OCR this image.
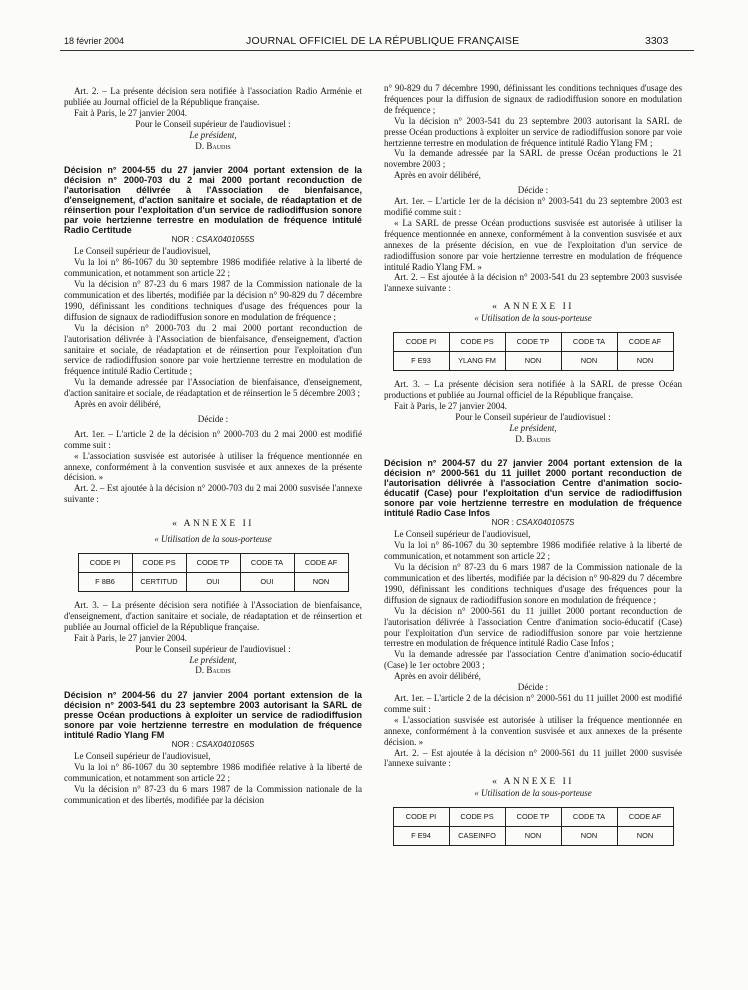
18 février 2004	JOURNAL OFFICIEL DE LA RÉPUBLIQUE FRANÇAISE	3303

Art. 2. – La présente décision sera notifiée à l'association Radio Arménie et publiée au Journal officiel de la République française.

Fait à Paris, le 27 janvier 2004.

Pour le Conseil supérieur de l'audiovisuel :
Le président,
D. Baudis

Décision n° 2004-55 du 27 janvier 2004 portant extension de la décision n° 2000-703 du 2 mai 2000 portant reconduction de l'autorisation délivrée à l'Association de bienfaisance, d'enseignement, d'action sanitaire et sociale, de réadaptation et de réinsertion pour l'exploitation d'un service de radiodiffusion sonore par voie hertzienne terrestre en modulation de fréquence intitulé Radio Certitude

NOR : CSAX0401055S

Le Conseil supérieur de l'audiovisuel,

Vu la loi n° 86-1067 du 30 septembre 1986 modifiée relative à la liberté de communication, et notamment son article 22 ;

Vu la décision n° 87-23 du 6 mars 1987 de la Commission nationale de la communication et des libertés, modifiée par la décision n° 90-829 du 7 décembre 1990, définissant les conditions techniques d'usage des fréquences pour la diffusion de signaux de radiodiffusion sonore en modulation de fréquence ;

Vu la décision n° 2000-703 du 2 mai 2000 portant reconduction de l'autorisation délivrée à l'Association de bienfaisance, d'enseignement, d'action sanitaire et sociale, de réadaptation et de réinsertion pour l'exploitation d'un service de radiodiffusion sonore par voie hertzienne terrestre en modulation de fréquence intitulé Radio Certitude ;

Vu la demande adressée par l'Association de bienfaisance, d'enseignement, d'action sanitaire et sociale, de réadaptation et de réinsertion le 5 décembre 2003 ;

Après en avoir délibéré,

Décide :

Art. 1er. – L'article 2 de la décision n° 2000-703 du 2 mai 2000 est modifié comme suit :

« L'association susvisée est autorisée à utiliser la fréquence mentionnée en annexe, conformément à la convention susvisée et aux annexes de la présente décision. »

Art. 2. – Est ajoutée à la décision n° 2000-703 du 2 mai 2000 susvisée l'annexe suivante :

« ANNEXE II

« Utilisation de la sous-porteuse

CODE PI	CODE PS	CODE TP	CODE TA	CODE AF
F 8B6	CERTITUD	OUI	OUI	NON

Art. 3. – La présente décision sera notifiée à l'Association de bienfaisance, d'enseignement, d'action sanitaire et sociale, de réadaptation et de réinsertion et publiée au Journal officiel de la République française.

Fait à Paris, le 27 janvier 2004.

Pour le Conseil supérieur de l'audiovisuel :
Le président,
D. Baudis

Décision n° 2004-56 du 27 janvier 2004 portant extension de la décision n° 2003-541 du 23 septembre 2003 autorisant la SARL de presse Océan productions à exploiter un service de radiodiffusion sonore par voie hertzienne terrestre en modulation de fréquence intitulé Radio Ylang FM

NOR : CSAX0401056S

Le Conseil supérieur de l'audiovisuel,

Vu la loi n° 86-1067 du 30 septembre 1986 modifiée relative à la liberté de communication, et notamment son article 22 ;

Vu la décision n° 87-23 du 6 mars 1987 de la Commission nationale de la communication et des libertés, modifiée par la décision

n° 90-829 du 7 décembre 1990, définissant les conditions techniques d'usage des fréquences pour la diffusion de signaux de radiodiffusion sonore en modulation de fréquence ;

Vu la décision n° 2003-541 du 23 septembre 2003 autorisant la SARL de presse Océan productions à exploiter un service de radiodiffusion sonore par voie hertzienne terrestre en modulation de fréquence intitulé Radio Ylang FM ;

Vu la demande adressée par la SARL de presse Océan productions le 21 novembre 2003 ;

Après en avoir délibéré,

Décide :

Art. 1er. – L'article 1er de la décision n° 2003-541 du 23 septembre 2003 est modifié comme suit :

« La SARL de presse Océan productions susvisée est autorisée à utiliser la fréquence mentionnée en annexe, conformément à la convention susvisée et aux annexes de la présente décision, en vue de l'exploitation d'un service de radiodiffusion sonore par voie hertzienne terrestre en modulation de fréquence intitulé Radio Ylang FM. »

Art. 2. – Est ajoutée à la décision n° 2003-541 du 23 septembre 2003 susvisée l'annexe suivante :

« ANNEXE II

« Utilisation de la sous-porteuse

CODE PI	CODE PS	CODE TP	CODE TA	CODE AF
F E93	YLANG FM	NON	NON	NON

Art. 3. – La présente décision sera notifiée à la SARL de presse Océan productions et publiée au Journal officiel de la République française.

Fait à Paris, le 27 janvier 2004.

Pour le Conseil supérieur de l'audiovisuel :
Le président,
D. Baudis

Décision n° 2004-57 du 27 janvier 2004 portant extension de la décision n° 2000-561 du 11 juillet 2000 portant reconduction de l'autorisation délivrée à l'association Centre d'animation socio-éducatif (Case) pour l'exploitation d'un service de radiodiffusion sonore par voie hertzienne terrestre en modulation de fréquence intitulé Radio Case Infos

NOR : CSAX0401057S

Le Conseil supérieur de l'audiovisuel,

Vu la loi n° 86-1067 du 30 septembre 1986 modifiée relative à la liberté de communication, et notamment son article 22 ;

Vu la décision n° 87-23 du 6 mars 1987 de la Commission nationale de la communication et des libertés, modifiée par la décision n° 90-829 du 7 décembre 1990, définissant les conditions techniques d'usage des fréquences pour la diffusion de signaux de radiodiffusion sonore en modulation de fréquence ;

Vu la décision n° 2000-561 du 11 juillet 2000 portant reconduction de l'autorisation délivrée à l'association Centre d'animation socio-éducatif (Case) pour l'exploitation d'un service de radiodiffusion sonore par voie hertzienne terrestre en modulation de fréquence intitulé Radio Case Infos ;

Vu la demande adressée par l'association Centre d'animation socio-éducatif (Case) le 1er octobre 2003 ;

Après en avoir délibéré,

Décide :

Art. 1er. – L'article 2 de la décision n° 2000-561 du 11 juillet 2000 est modifié comme suit :

« L'association susvisée est autorisée à utiliser la fréquence mentionnée en annexe, conformément à la convention susvisée et aux annexes de la présente décision. »

Art. 2. – Est ajoutée à la décision n° 2000-561 du 11 juillet 2000 susvisée l'annexe suivante :

« ANNEXE II

« Utilisation de la sous-porteuse

CODE PI	CODE PS	CODE TP	CODE TA	CODE AF
F E94	CASEINFO	NON	NON	NON
